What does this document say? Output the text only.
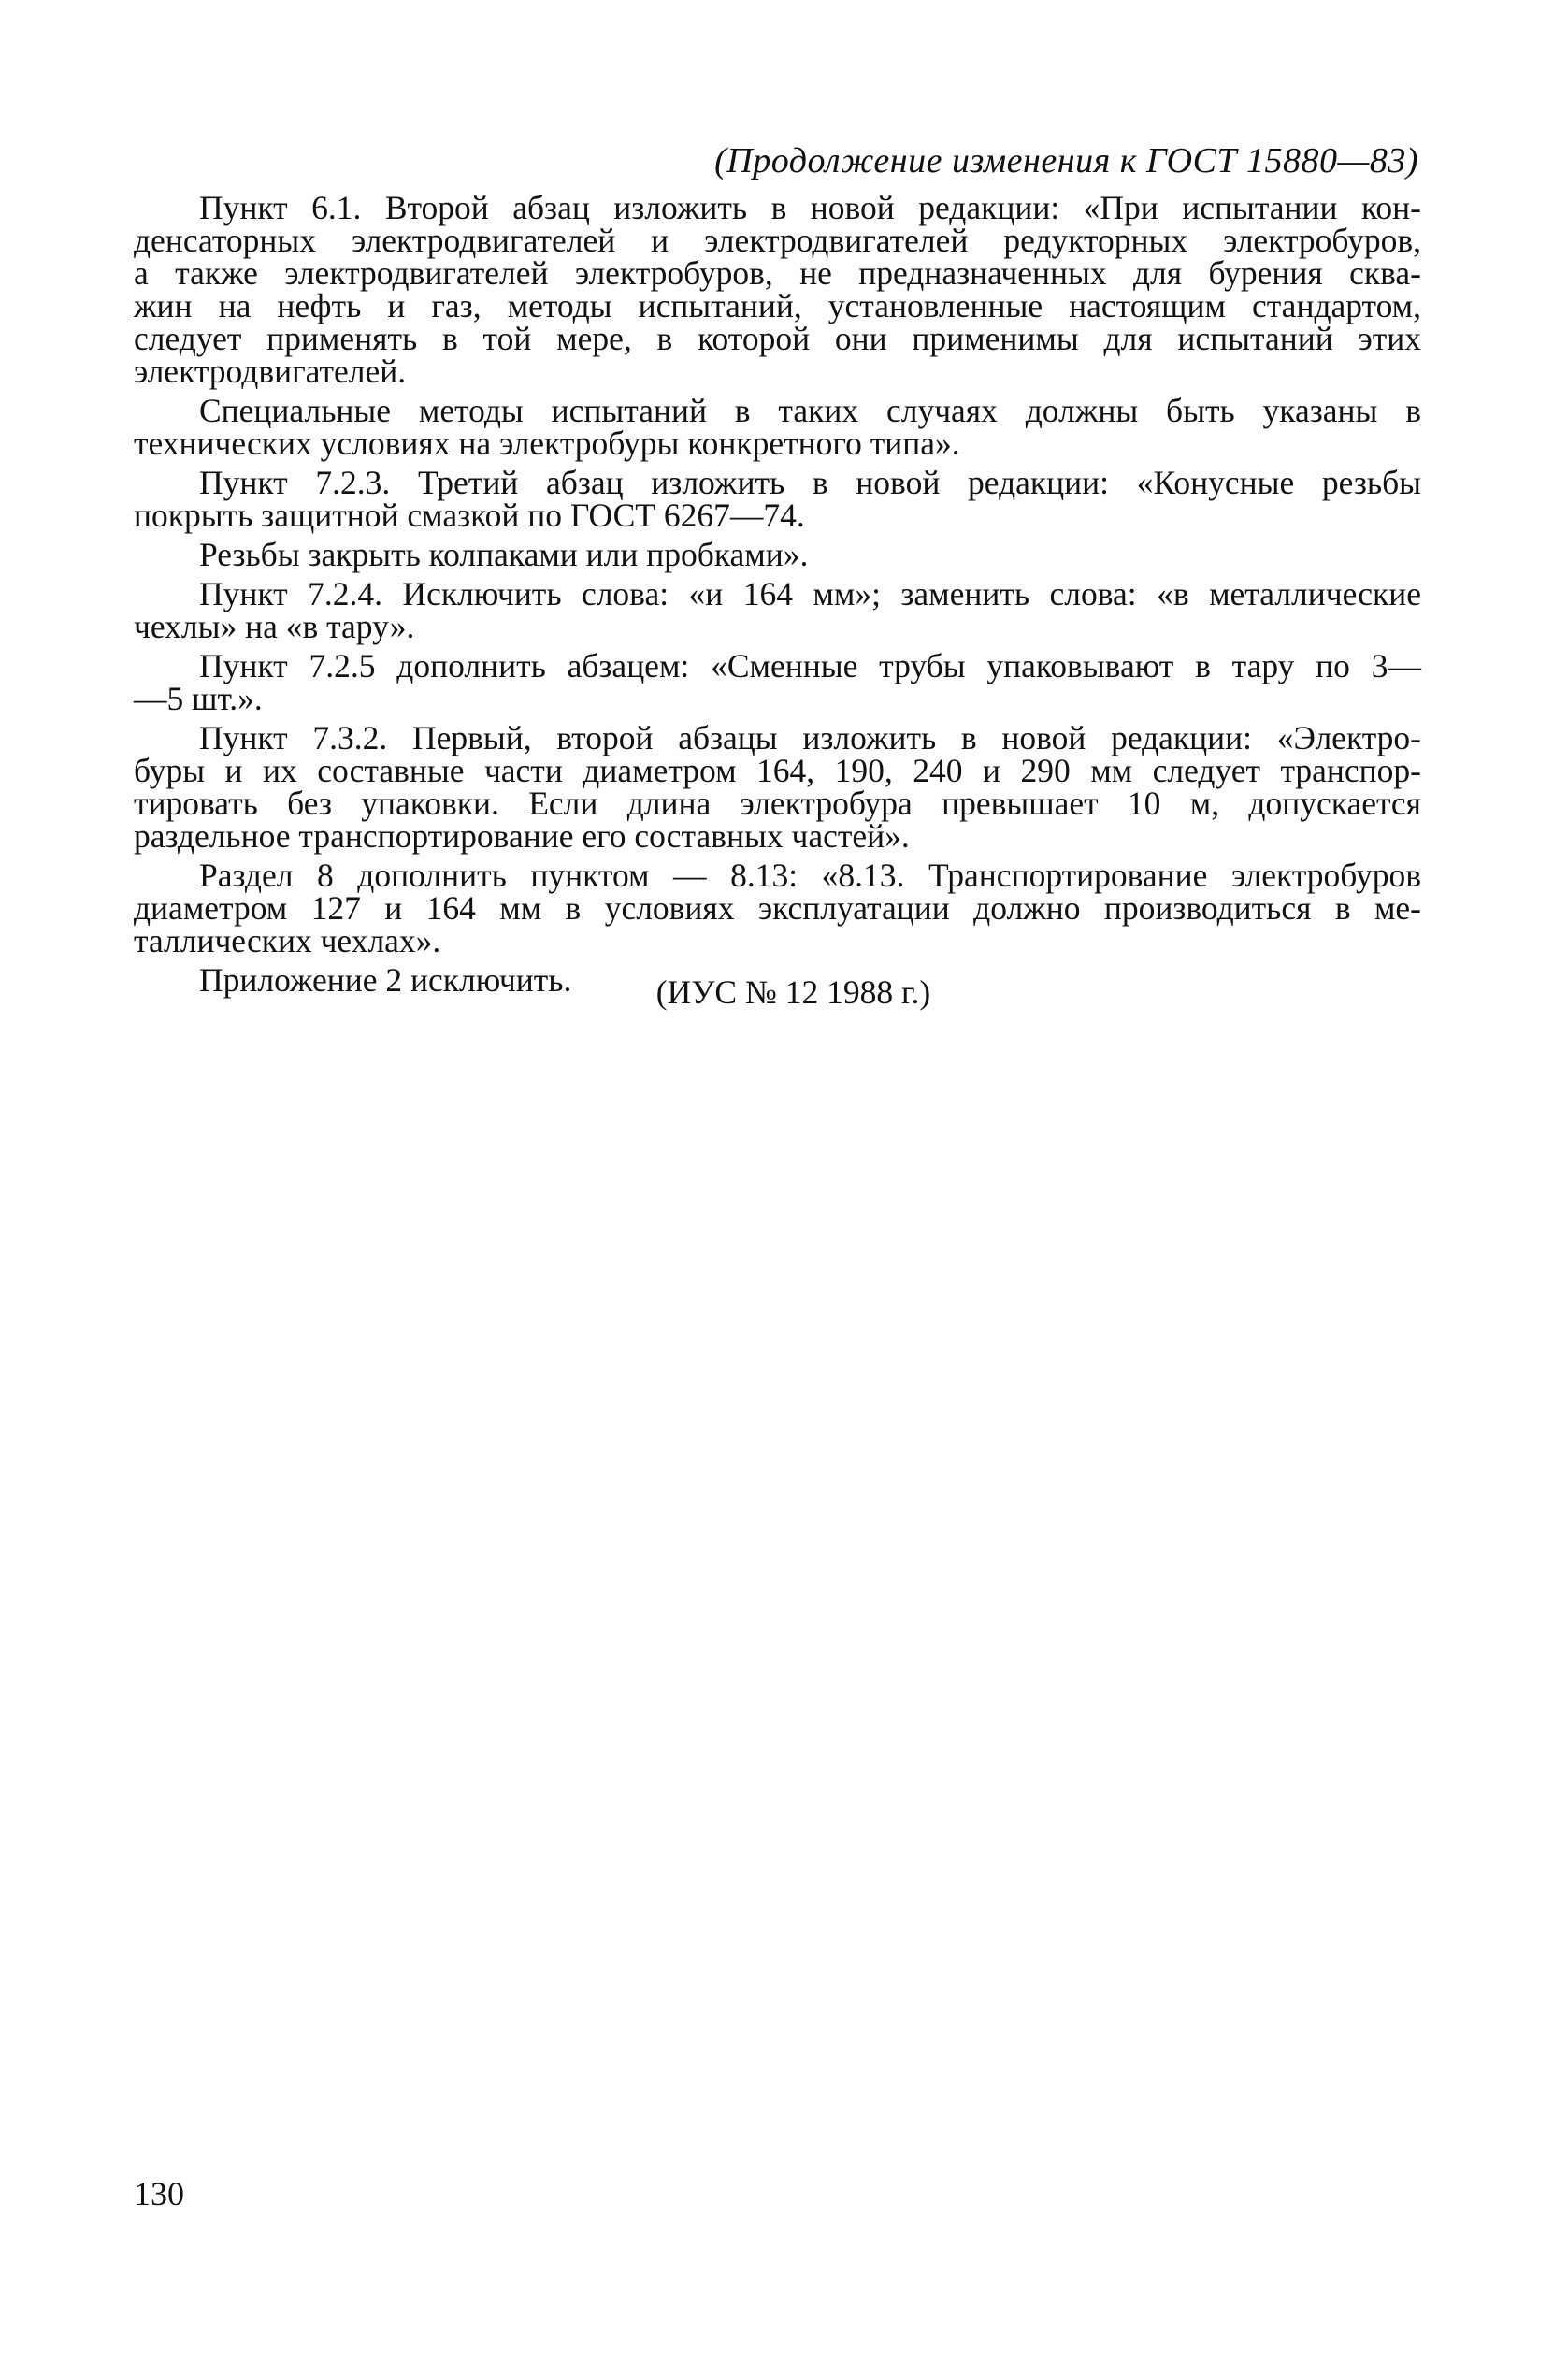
(Продолжение изменения к ГОСТ 15880—83)
Пункт 6.1. Второй абзац изложить в новой редакции: «При испытании кон-
денсаторных электродвигателей и электродвигателей редукторных электробуров,
а также электродвигателей электробуров, не предназначенных для бурения сква-
жин на нефть и газ, методы испытаний, установленные настоящим стандартом,
следует применять в той мере, в которой они применимы для испытаний этих
электродвигателей.
Специальные методы испытаний в таких случаях должны быть указаны в
технических условиях на электробуры конкретного типа».
Пункт 7.2.3. Третий абзац изложить в новой редакции: «Конусные резьбы
покрыть защитной смазкой по ГОСТ 6267—74.
Резьбы закрыть колпаками или пробками».
Пункт 7.2.4. Исключить слова: «и 164 мм»; заменить слова: «в металлические
чехлы» на «в тару».
Пункт 7.2.5 дополнить абзацем: «Сменные трубы упаковывают в тару по 3—
—5 шт.».
Пункт 7.3.2. Первый, второй абзацы изложить в новой редакции: «Электро-
буры и их составные части диаметром 164, 190, 240 и 290 мм следует транспор-
тировать без упаковки. Если длина электробура превышает 10 м, допускается
раздельное транспортирование его составных частей».
Раздел 8 дополнить пунктом — 8.13: «8.13. Транспортирование электробуров
диаметром 127 и 164 мм в условиях эксплуатации должно производиться в ме-
таллических чехлах».
Приложение 2 исключить.	(ИУС № 12 1988 г.)
130
